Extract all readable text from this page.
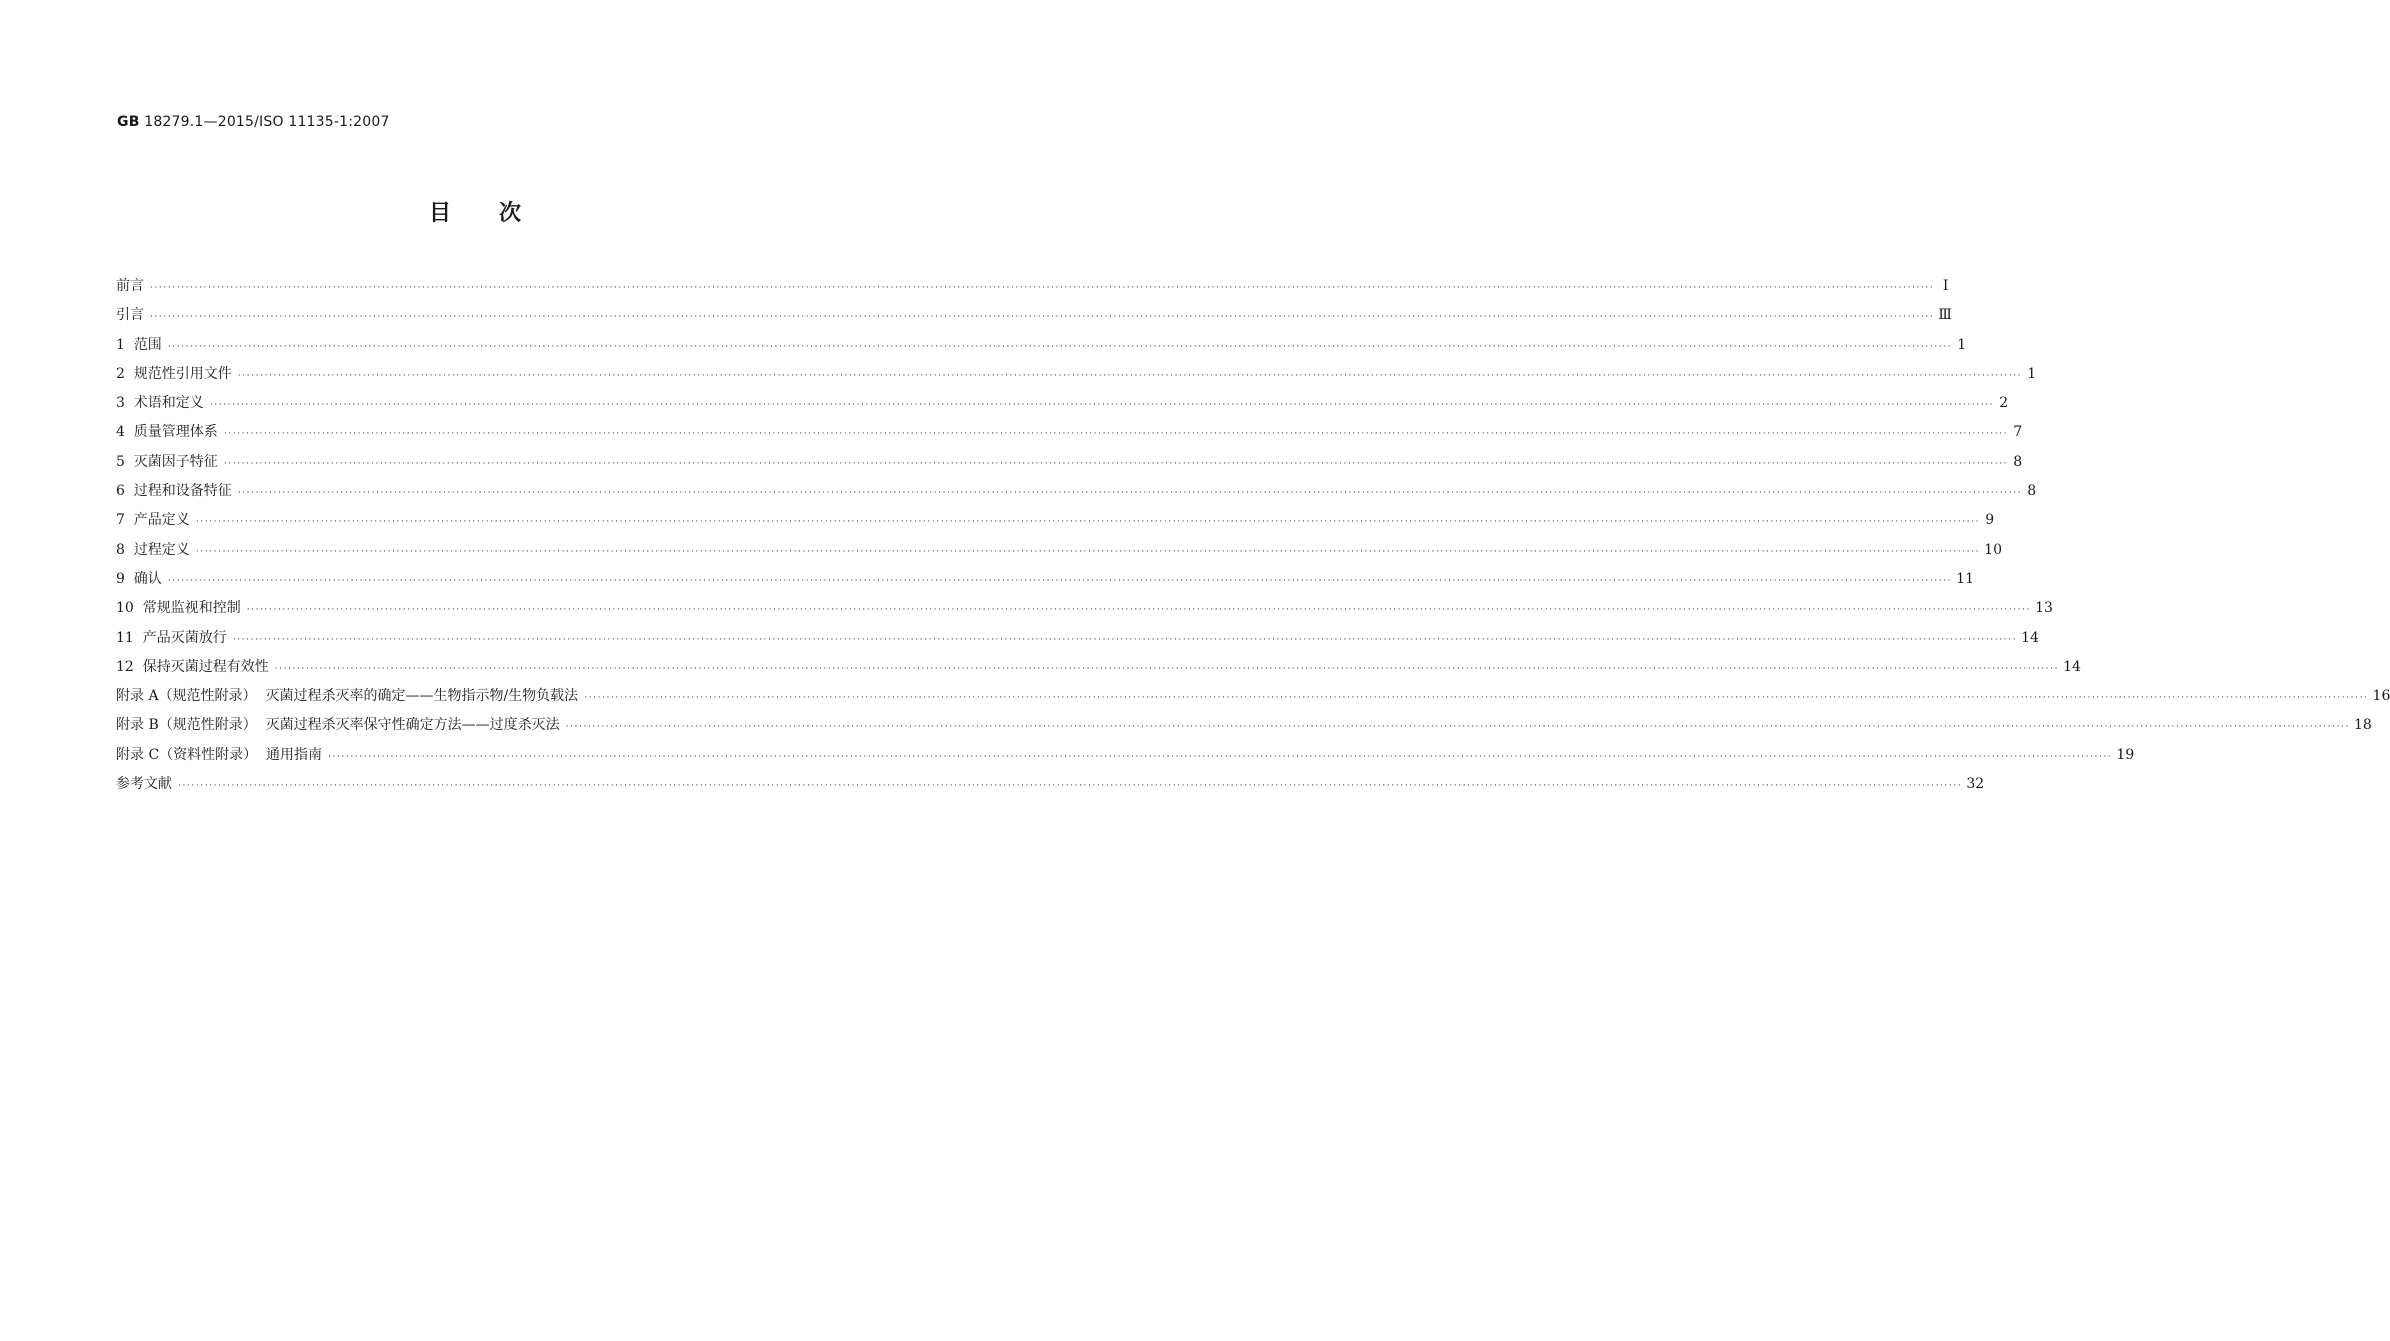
GB 18279.1—2015/ISO 11135-1:2007
目次
前言 ················································································································································································································································································································································································································ Ⅰ
引言 ················································································································································································································································································································································································································ Ⅲ
1  范围 ················································································································································································································································································································································································································ 1
2  规范性引用文件 ················································································································································································································································································································································································································ 1
3  术语和定义 ················································································································································································································································································································································································································ 2
4  质量管理体系 ················································································································································································································································································································································································································ 7
5  灭菌因子特征 ················································································································································································································································································································································································································ 8
6  过程和设备特征 ················································································································································································································································································································································································································ 8
7  产品定义 ················································································································································································································································································································································································································ 9
8  过程定义 ················································································································································································································································································································································································································ 10
9  确认 ················································································································································································································································································································································································································ 11
10  常规监视和控制 ················································································································································································································································································································································································································ 13
11  产品灭菌放行 ················································································································································································································································································································································································································ 14
12  保持灭菌过程有效性 ················································································································································································································································································································································································································ 14
附录 A（规范性附录）  灭菌过程杀灭率的确定——生物指示物/生物负载法 ················································································································································································································································································································································································································ 16
附录 B（规范性附录）  灭菌过程杀灭率保守性确定方法——过度杀灭法 ················································································································································································································································································································································································································ 18
附录 C（资料性附录）  通用指南 ················································································································································································································································································································································································································ 19
参考文献 ················································································································································································································································································································································································································ 32
